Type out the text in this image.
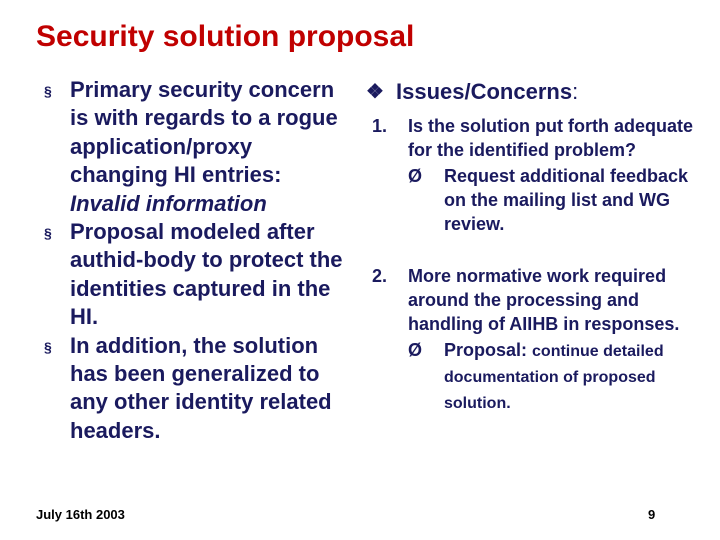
Security solution proposal
§ Primary security concern is with regards to a rogue application/proxy changing HI entries: Invalid information
§ Proposal modeled after authid-body to protect the identities captured in the HI.
§ In addition, the solution has been generalized to any other identity related headers.
❖ Issues/Concerns:
1. Is the solution put forth adequate for the identified problem?
Ø Request additional feedback on the mailing list and WG review.
2. More normative work required around the processing and handling of AIIHB in responses.
Ø Proposal: continue detailed documentation of proposed solution.
July 16th 2003	9
